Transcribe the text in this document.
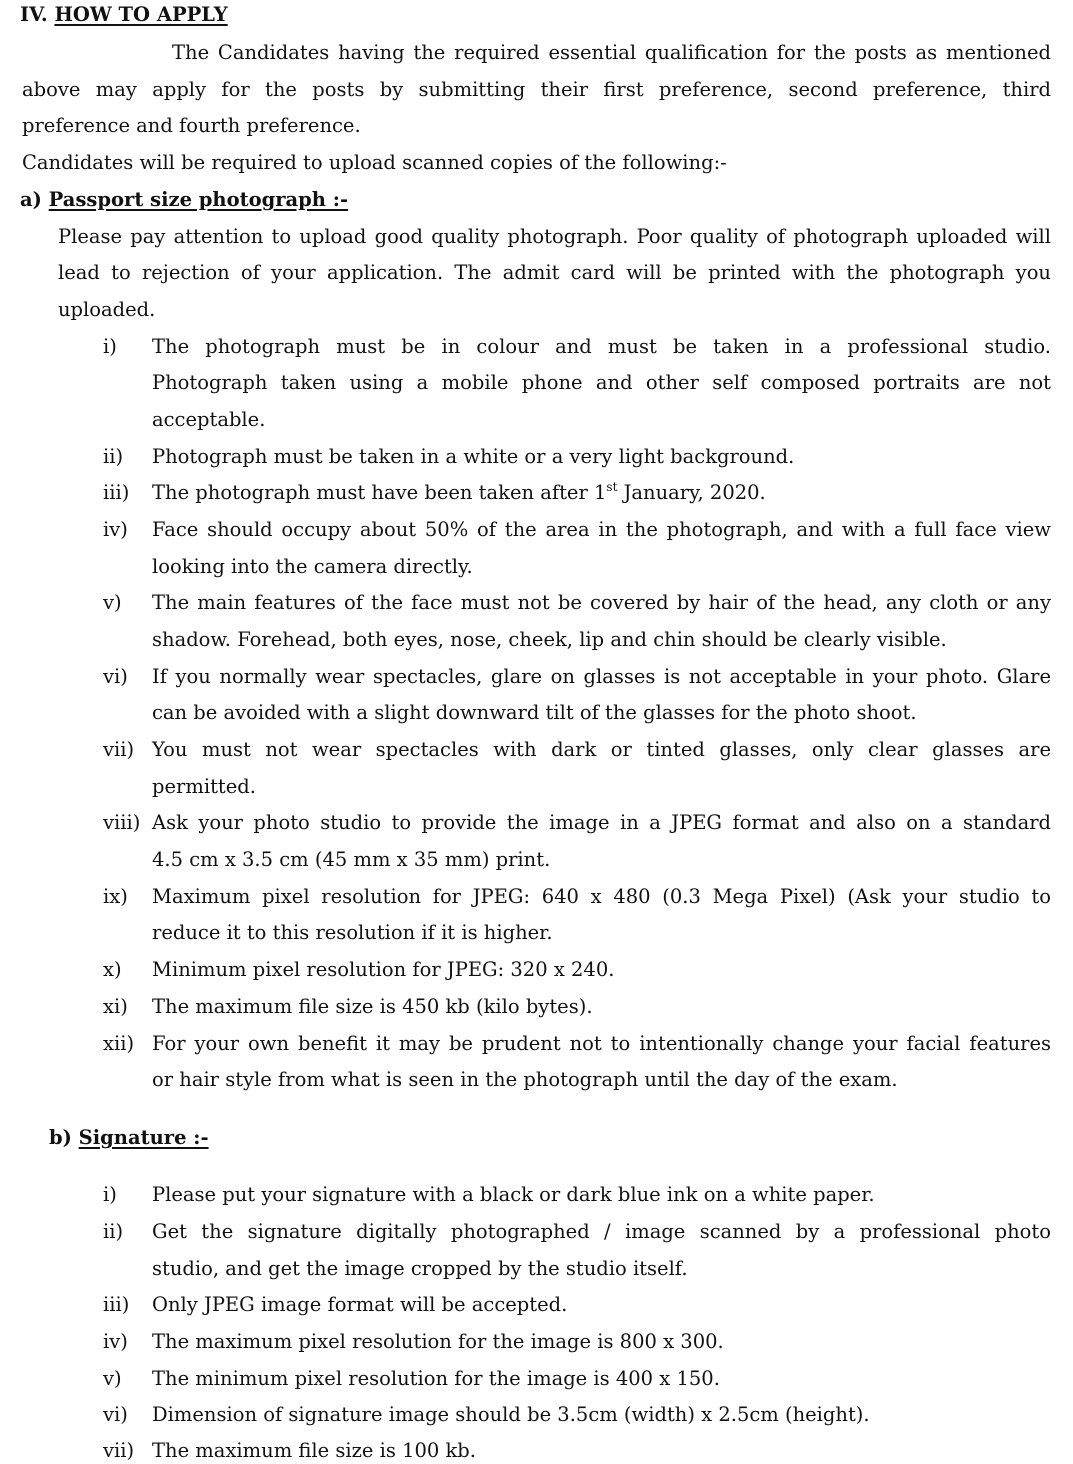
IV. HOW TO APPLY
The Candidates having the required essential qualification for the posts as mentioned
above may apply for the posts by submitting their first preference, second preference, third
preference and fourth preference.
Candidates will be required to upload scanned copies of the following:-
a) Passport size photograph :-
Please pay attention to upload good quality photograph. Poor quality of photograph uploaded will
lead to rejection of your application. The admit card will be printed with the photograph you
uploaded.
i)	The photograph must be in colour and must be taken in a professional studio.
Photograph taken using a mobile phone and other self composed portraits are not
acceptable.
ii)	Photograph must be taken in a white or a very light background.
iii)	The photograph must have been taken after 1st January, 2020.
iv)	Face should occupy about 50% of the area in the photograph, and with a full face view
looking into the camera directly.
v)	The main features of the face must not be covered by hair of the head, any cloth or any
shadow. Forehead, both eyes, nose, cheek, lip and chin should be clearly visible.
vi)	If you normally wear spectacles, glare on glasses is not acceptable in your photo. Glare
can be avoided with a slight downward tilt of the glasses for the photo shoot.
vii) You must not wear spectacles with dark or tinted glasses, only clear glasses are
permitted.
viii) Ask your photo studio to provide the image in a JPEG format and also on a standard
4.5 cm x 3.5 cm (45 mm x 35 mm) print.
ix)	Maximum pixel resolution for JPEG: 640 x 480 (0.3 Mega Pixel) (Ask your studio to
reduce it to this resolution if it is higher.
x)	Minimum pixel resolution for JPEG: 320 x 240.
xi)	The maximum file size is 450 kb (kilo bytes).
xii) For your own benefit it may be prudent not to intentionally change your facial features
or hair style from what is seen in the photograph until the day of the exam.
b) Signature :-
i)	Please put your signature with a black or dark blue ink on a white paper.
ii)	Get the signature digitally photographed / image scanned by a professional photo
studio, and get the image cropped by the studio itself.
iii)	Only JPEG image format will be accepted.
iv)	The maximum pixel resolution for the image is 800 x 300.
v)	The minimum pixel resolution for the image is 400 x 150.
vi)	Dimension of signature image should be 3.5cm (width) x 2.5cm (height).
vii) The maximum file size is 100 kb.
